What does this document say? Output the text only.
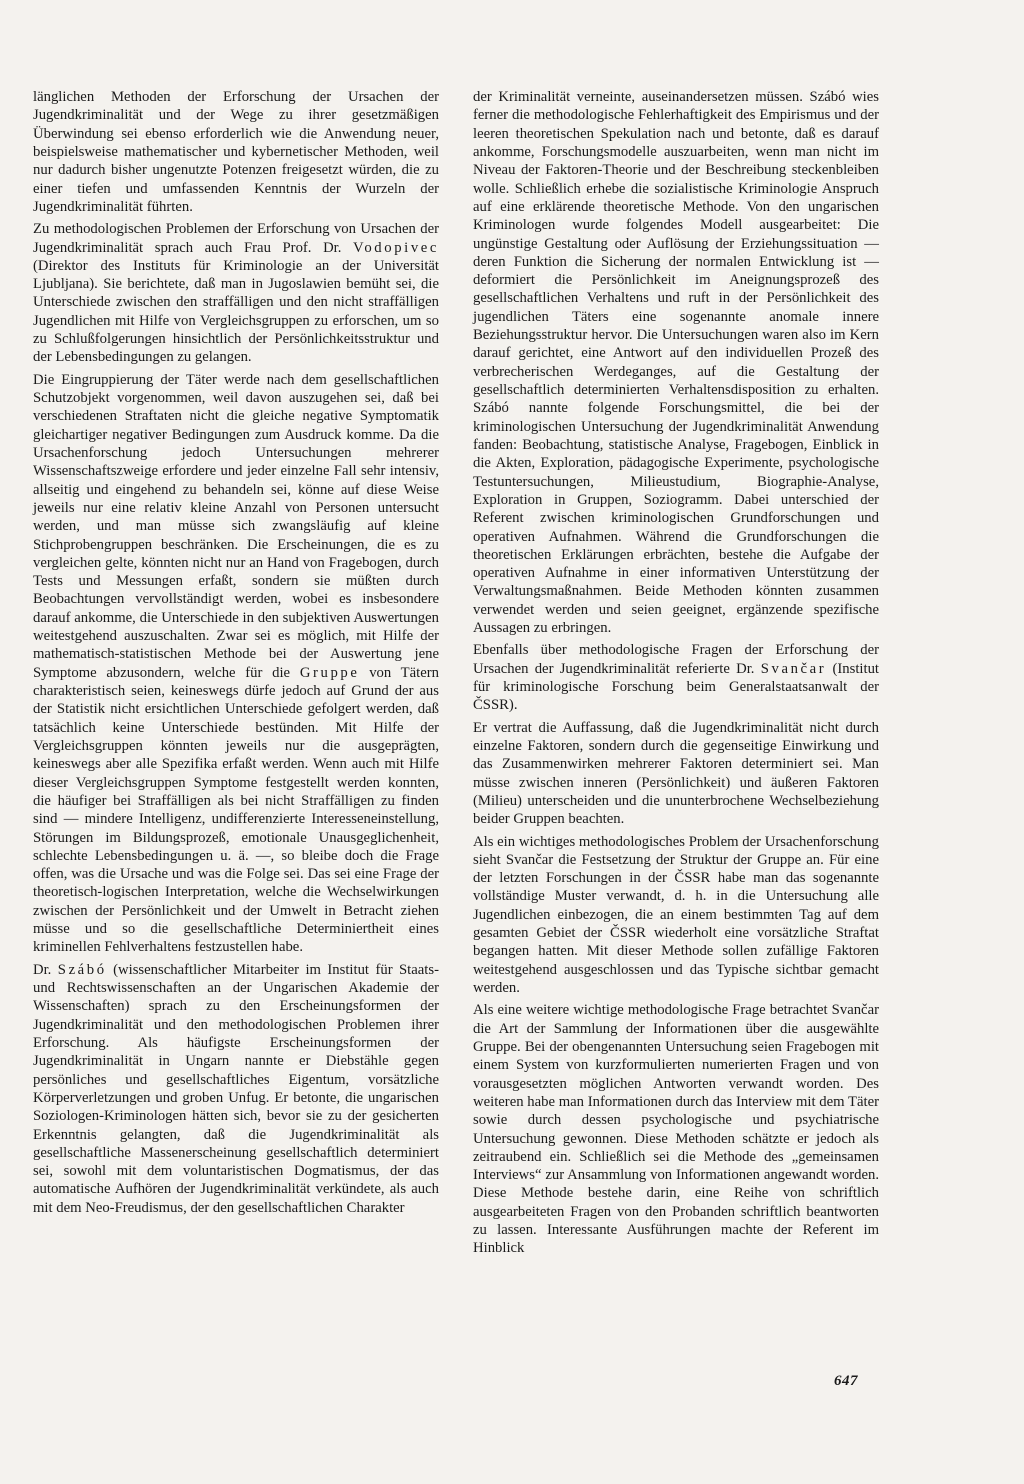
länglichen Methoden der Erforschung der Ursachen der Jugendkriminalität und der Wege zu ihrer gesetzmäßigen Überwindung sei ebenso erforderlich wie die Anwendung neuer, beispielsweise mathematischer und kybernetischer Methoden, weil nur dadurch bisher ungenutzte Potenzen freigesetzt würden, die zu einer tiefen und umfassenden Kenntnis der Wurzeln der Jugendkriminalität führten.

Zu methodologischen Problemen der Erforschung von Ursachen der Jugendkriminalität sprach auch Frau Prof. Dr. Vodopivec (Direktor des Instituts für Kriminologie an der Universität Ljubljana). Sie berichtete, daß man in Jugoslawien bemüht sei, die Unterschiede zwischen den straffälligen und den nicht straffälligen Jugendlichen mit Hilfe von Vergleichsgruppen zu erforschen, um so zu Schlußfolgerungen hinsichtlich der Persönlichkeitsstruktur und der Lebensbedingungen zu gelangen.

Die Eingruppierung der Täter werde nach dem gesellschaftlichen Schutzobjekt vorgenommen, weil davon auszugehen sei, daß bei verschiedenen Straftaten nicht die gleiche negative Symptomatik gleichartiger negativer Bedingungen zum Ausdruck komme. Da die Ursachenforschung jedoch Untersuchungen mehrerer Wissenschaftszweige erfordere und jeder einzelne Fall sehr intensiv, allseitig und eingehend zu behandeln sei, könne auf diese Weise jeweils nur eine relativ kleine Anzahl von Personen untersucht werden, und man müsse sich zwangsläufig auf kleine Stichprobengruppen beschränken. Die Erscheinungen, die es zu vergleichen gelte, könnten nicht nur an Hand von Fragebogen, durch Tests und Messungen erfaßt, sondern sie müßten durch Beobachtungen vervollständigt werden, wobei es insbesondere darauf ankomme, die Unterschiede in den subjektiven Auswertungen weitestgehend auszuschalten. Zwar sei es möglich, mit Hilfe der mathematisch-statistischen Methode bei der Auswertung jene Symptome abzusondern, welche für die Gruppe von Tätern charakteristisch seien, keineswegs dürfe jedoch auf Grund der aus der Statistik nicht ersichtlichen Unterschiede gefolgert werden, daß tatsächlich keine Unterschiede bestünden. Mit Hilfe der Vergleichsgruppen könnten jeweils nur die ausgeprägten, keineswegs aber alle Spezifika erfaßt werden. Wenn auch mit Hilfe dieser Vergleichsgruppen Symptome festgestellt werden konnten, die häufiger bei Straffälligen als bei nicht Straffälligen zu finden sind — mindere Intelligenz, undifferenzierte Interesseneinstellung, Störungen im Bildungsprozeß, emotionale Unausgeglichenheit, schlechte Lebensbedingungen u. ä. —, so bleibe doch die Frage offen, was die Ursache und was die Folge sei. Das sei eine Frage der theoretisch-logischen Interpretation, welche die Wechselwirkungen zwischen der Persönlichkeit und der Umwelt in Betracht ziehen müsse und so die gesellschaftliche Determiniertheit eines kriminellen Fehlverhaltens festzustellen habe.

Dr. Szábó (wissenschaftlicher Mitarbeiter im Institut für Staats- und Rechtswissenschaften an der Ungarischen Akademie der Wissenschaften) sprach zu den Erscheinungsformen der Jugendkriminalität und den methodologischen Problemen ihrer Erforschung. Als häufigste Erscheinungsformen der Jugendkriminalität in Ungarn nannte er Diebstähle gegen persönliches und gesellschaftliches Eigentum, vorsätzliche Körperverletzungen und groben Unfug. Er betonte, die ungarischen Soziologen-Kriminologen hätten sich, bevor sie zu der gesicherten Erkenntnis gelangten, daß die Jugendkriminalität als gesellschaftliche Massenerscheinung gesellschaftlich determiniert sei, sowohl mit dem voluntaristischen Dogmatismus, der das automatische Aufhören der Jugendkriminalität verkündete, als auch mit dem Neo-Freudismus, der den gesellschaftlichen Charakter

der Kriminalität verneinte, auseinandersetzen müssen. Szábó wies ferner die methodologische Fehlerhaftigkeit des Empirismus und der leeren theoretischen Spekulation nach und betonte, daß es darauf ankomme, Forschungsmodelle auszuarbeiten, wenn man nicht im Niveau der Faktoren-Theorie und der Beschreibung steckenbleiben wolle. Schließlich erhebe die sozialistische Kriminologie Anspruch auf eine erklärende theoretische Methode. Von den ungarischen Kriminologen wurde folgendes Modell ausgearbeitet: Die ungünstige Gestaltung oder Auflösung der Erziehungssituation — deren Funktion die Sicherung der normalen Entwicklung ist — deformiert die Persönlichkeit im Aneignungsprozeß des gesellschaftlichen Verhaltens und ruft in der Persönlichkeit des jugendlichen Täters eine sogenannte anomale innere Beziehungsstruktur hervor. Die Untersuchungen waren also im Kern darauf gerichtet, eine Antwort auf den individuellen Prozeß des verbrecherischen Werdeganges, auf die Gestaltung der gesellschaftlich determinierten Verhaltensdisposition zu erhalten. Szábó nannte folgende Forschungsmittel, die bei der kriminologischen Untersuchung der Jugendkriminalität Anwendung fanden: Beobachtung, statistische Analyse, Fragebogen, Einblick in die Akten, Exploration, pädagogische Experimente, psychologische Testuntersuchungen, Milieustudium, Biographie-Analyse, Exploration in Gruppen, Soziogramm. Dabei unterschied der Referent zwischen kriminologischen Grundforschungen und operativen Aufnahmen. Während die Grundforschungen die theoretischen Erklärungen erbrächten, bestehe die Aufgabe der operativen Aufnahme in einer informativen Unterstützung der Verwaltungsmaßnahmen. Beide Methoden könnten zusammen verwendet werden und seien geeignet, ergänzende spezifische Aussagen zu erbringen.

Ebenfalls über methodologische Fragen der Erforschung der Ursachen der Jugendkriminalität referierte Dr. Svančar (Institut für kriminologische Forschung beim Generalstaatsanwalt der ČSSR).

Er vertrat die Auffassung, daß die Jugendkriminalität nicht durch einzelne Faktoren, sondern durch die gegenseitige Einwirkung und das Zusammenwirken mehrerer Faktoren determiniert sei. Man müsse zwischen inneren (Persönlichkeit) und äußeren Faktoren (Milieu) unterscheiden und die ununterbrochene Wechselbeziehung beider Gruppen beachten.

Als ein wichtiges methodologisches Problem der Ursachenforschung sieht Svančar die Festsetzung der Struktur der Gruppe an. Für eine der letzten Forschungen in der ČSSR habe man das sogenannte vollständige Muster verwandt, d. h. in die Untersuchung alle Jugendlichen einbezogen, die an einem bestimmten Tag auf dem gesamten Gebiet der ČSSR wiederholt eine vorsätzliche Straftat begangen hatten. Mit dieser Methode sollen zufällige Faktoren weitestgehend ausgeschlossen und das Typische sichtbar gemacht werden.

Als eine weitere wichtige methodologische Frage betrachtet Svančar die Art der Sammlung der Informationen über die ausgewählte Gruppe. Bei der obengenannten Untersuchung seien Fragebogen mit einem System von kurzformulierten numerierten Fragen und von vorausgesetzten möglichen Antworten verwandt worden. Des weiteren habe man Informationen durch das Interview mit dem Täter sowie durch dessen psychologische und psychiatrische Untersuchung gewonnen. Diese Methoden schätzte er jedoch als zeitraubend ein. Schließlich sei die Methode des „gemeinsamen Interviews“ zur Ansammlung von Informationen angewandt worden. Diese Methode bestehe darin, eine Reihe von schriftlich ausgearbeiteten Fragen von den Probanden schriftlich beantworten zu lassen. Interessante Ausführungen machte der Referent im Hinblick

647
